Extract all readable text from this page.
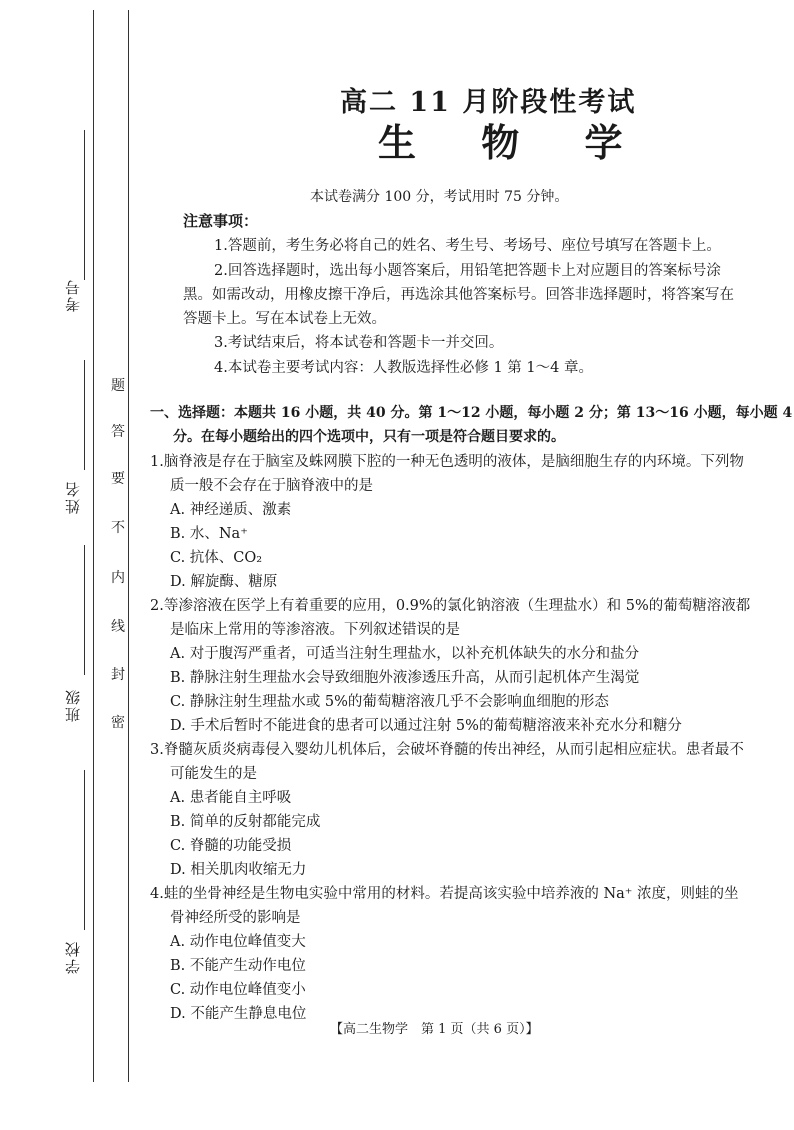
考号
姓名
班级
学校
题
答
要
不
内
线
封
密
高二 11 月阶段性考试
生 物 学
本试卷满分 100 分，考试用时 75 分钟。
注意事项：
1.答题前，考生务必将自己的姓名、考生号、考场号、座位号填写在答题卡上。
2.回答选择题时，选出每小题答案后，用铅笔把答题卡上对应题目的答案标号涂
黑。如需改动，用橡皮擦干净后，再选涂其他答案标号。回答非选择题时，将答案写在
答题卡上。写在本试卷上无效。
3.考试结束后，将本试卷和答题卡一并交回。
4.本试卷主要考试内容：人教版选择性必修 1 第 1～4 章。
一、选择题：本题共 16 小题，共 40 分。第 1～12 小题，每小题 2 分；第 13～16 小题，每小题 4
分。在每小题给出的四个选项中，只有一项是符合题目要求的。
1.脑脊液是存在于脑室及蛛网膜下腔的一种无色透明的液体，是脑细胞生存的内环境。下列物
质一般不会存在于脑脊液中的是
A. 神经递质、激素
B. 水、Na⁺
C. 抗体、CO₂
D. 解旋酶、糖原
2.等渗溶液在医学上有着重要的应用，0.9%的氯化钠溶液（生理盐水）和 5%的葡萄糖溶液都
是临床上常用的等渗溶液。下列叙述错误的是
A. 对于腹泻严重者，可适当注射生理盐水，以补充机体缺失的水分和盐分
B. 静脉注射生理盐水会导致细胞外液渗透压升高，从而引起机体产生渴觉
C. 静脉注射生理盐水或 5%的葡萄糖溶液几乎不会影响血细胞的形态
D. 手术后暂时不能进食的患者可以通过注射 5%的葡萄糖溶液来补充水分和糖分
3.脊髓灰质炎病毒侵入婴幼儿机体后，会破坏脊髓的传出神经，从而引起相应症状。患者最不
可能发生的是
A. 患者能自主呼吸
B. 简单的反射都能完成
C. 脊髓的功能受损
D. 相关肌肉收缩无力
4.蛙的坐骨神经是生物电实验中常用的材料。若提高该实验中培养液的 Na⁺ 浓度，则蛙的坐
骨神经所受的影响是
A. 动作电位峰值变大
B. 不能产生动作电位
C. 动作电位峰值变小
D. 不能产生静息电位
【高二生物学　第 1 页（共 6 页）】
